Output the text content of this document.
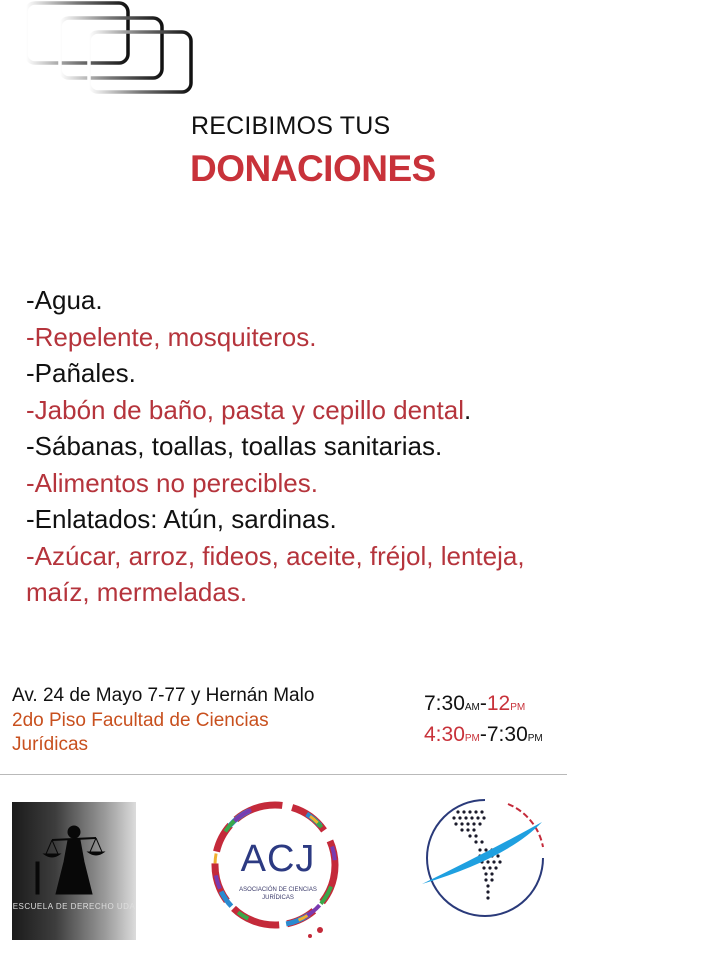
RECIBIMOS TUS
DONACIONES
-Agua.
-Repelente, mosquiteros.
-Pañales.
-Jabón de baño, pasta y cepillo dental.
-Sábanas, toallas, toallas sanitarias.
-Alimentos no perecibles.
-Enlatados: Atún, sardinas.
-Azúcar, arroz, fideos, aceite, fréjol, lenteja, maíz, mermeladas.
Av. 24 de Mayo 7-77 y Hernán Malo
2do Piso Facultad de Ciencias Jurídicas
7:30AM-12PM
4:30PM-7:30PM
ESCUELA DE DERECHO UDA
ACJ
ASOCIACIÓN DE CIENCIAS JURÍDICAS
